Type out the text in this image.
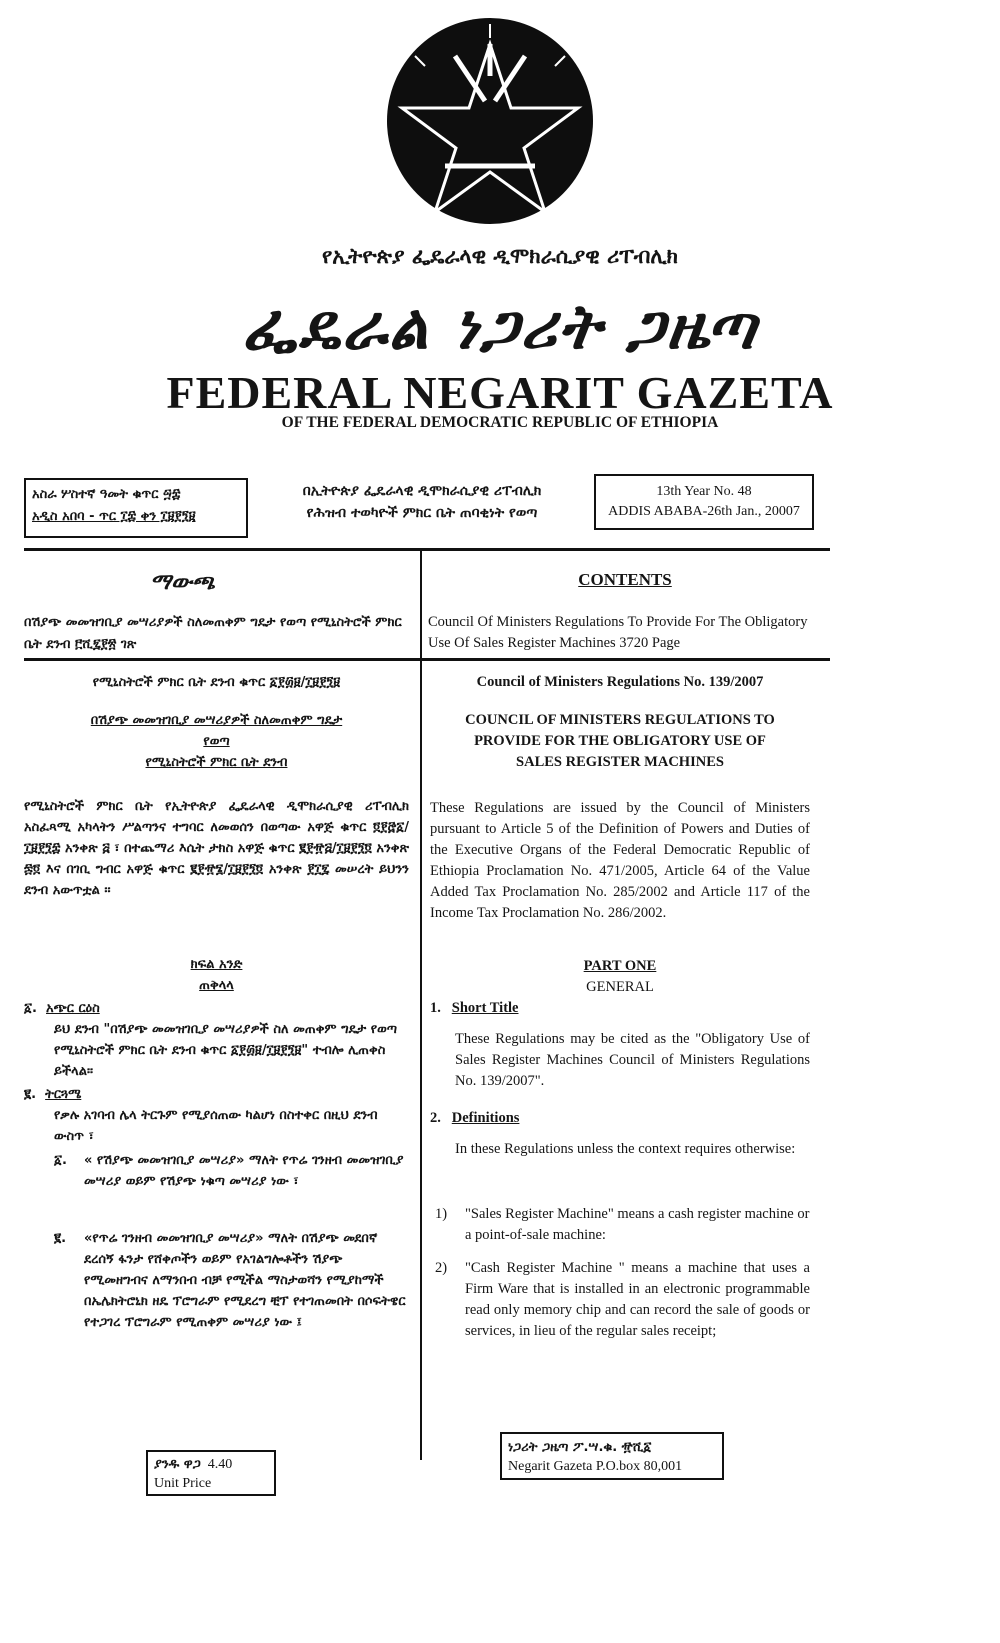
የኢትዮጵያ ፌዴራላዊ ዲሞክራሲያዊ ሪፐብሊክ
ፌዴራል ነጋሪት ጋዜጣ
FEDERAL NEGARIT GAZETA
OF THE FEDERAL DEMOCRATIC REPUBLIC OF ETHIOPIA
አስራ ሦስተኛ ዓመት ቁጥር ፵፰
አዲስ አበባ - ጥር ፲፰ ቀን ፲፱፻፺፱
በኢትዮጵያ ፌዴራላዊ ዲሞክራሲያዊ ሪፐብሊክ
የሕዝብ ተወካዮች ምክር ቤት ጠባቂነት የወጣ
13th Year No. 48
ADDIS ABABA-26th Jan., 20007
ማውጫ	CONTENTS
በሽያጭ መመዝገቢያ መሣሪያዎች ስለመጠቀም ግዴታ የወጣ የሚኒስትሮች ምክር ቤት ደንብ ፫ሺ፯፻፳ ገጽ
Council Of Ministers Regulations To Provide For The Obligatory Use Of Sales Register Machines 3720 Page
የሚኒስትሮች ምክር ቤት ደንብ ቁጥር ፩፻፴፱/፲፱፻፺፱
በሽያጭ መመዝገቢያ መሣሪያዎች ስለመጠቀም ግዴታ
የወጣ
የሚኒስትሮች ምክር ቤት ደንብ
የሚኒስትሮች ምክር ቤት የኢትዮጵያ ፌዴራላዊ ዲሞክራሲያዊ ሪፐብሊክ አስፈጻሚ አካላትን ሥልጣንና ተግባር ለመወሰን በወጣው አዋጅ ቁጥር ፬፻፸፩/፲፱፻፺፰ አንቀጽ ፭ ፣ በተጨማሪ እሴት ታክስ አዋጅ ቁጥር ፪፻፹፭/፲፱፻፺፬ አንቀጽ ፷፬ እና በገቢ ግብር አዋጅ ቁጥር ፪፻፹፮/፲፱፻፺፬ አንቀጽ ፻፲፯ መሠረት ይህንን ደንብ አውጥቷል ፡፡
ክፍል አንድ
ጠቅላላ
፩. አጭር ርዕስ
ይህ ደንብ "በሽያጭ መመዝገቢያ መሣሪያዎች ስለ መጠቀም ግዴታ የወጣ የሚኒስትሮች ምክር ቤት ደንብ ቁጥር ፩፻፴፱/፲፱፻፺፱" ተብሎ ሊጠቀስ ይችላል፡፡
፪. ትርጓሜ
የቃሉ አገባብ ሌላ ትርጉም የሚያሰጠው ካልሆነ በስተቀር በዚህ ደንብ ውስጥ ፣
፩.	« የሽያጭ መመዝገቢያ መሣሪያ» ማለት የጥሬ ገንዘብ መመዝገቢያ መሣሪያ ወይም የሽያጭ ነቁጣ መሣሪያ ነው ፣
፪.	«የጥሬ ገንዘብ መመዝገቢያ መሣሪያ» ማለት በሽያጭ መደበኛ ደረሰኝ ፋንታ የሸቀጦችን ወይም የአገልግሎቶችን ሽያጭ የሚመዘግብና ለማንበብ ብቻ የሚችል ማስታወሻን የሚያከማች በኤሌክትሮኒክ ዘዴ ፕሮግራም የሚደረግ ቺፕ የተገጠመበት በሶፍትዌር የተጋገረ ፕሮግራም የሚጠቀም መሣሪያ ነው ፤
Council of Ministers Regulations No. 139/2007
COUNCIL OF MINISTERS REGULATIONS TO PROVIDE FOR THE OBLIGATORY USE OF SALES REGISTER MACHINES
These Regulations are issued by the Council of Ministers pursuant to Article 5 of the Definition of Powers and Duties of the Executive Organs of the Federal Democratic Republic of Ethiopia Proclamation No. 471/2005, Article 64 of the Value Added Tax Proclamation No. 285/2002 and Article 117 of the Income Tax Proclamation No. 286/2002.
PART ONE
GENERAL
1. Short Title
These Regulations may be cited as the "Obligatory Use of Sales Register Machines Council of Ministers Regulations No. 139/2007".
2. Definitions
In these Regulations unless the context requires otherwise:
1)	"Sales Register Machine" means a cash register machine or a point-of-sale machine:
2)	"Cash Register Machine " means a machine that uses a Firm Ware that is installed in an electronic programmable read only memory chip and can record the sale of goods or services, in lieu of the regular sales receipt;
ያንዱ ዋጋ 4.40
Unit Price
ነጋሪት ጋዜጣ ፖ.ሣ.ቁ. ፹ሺ፩
Negarit Gazeta P.O.box 80,001
